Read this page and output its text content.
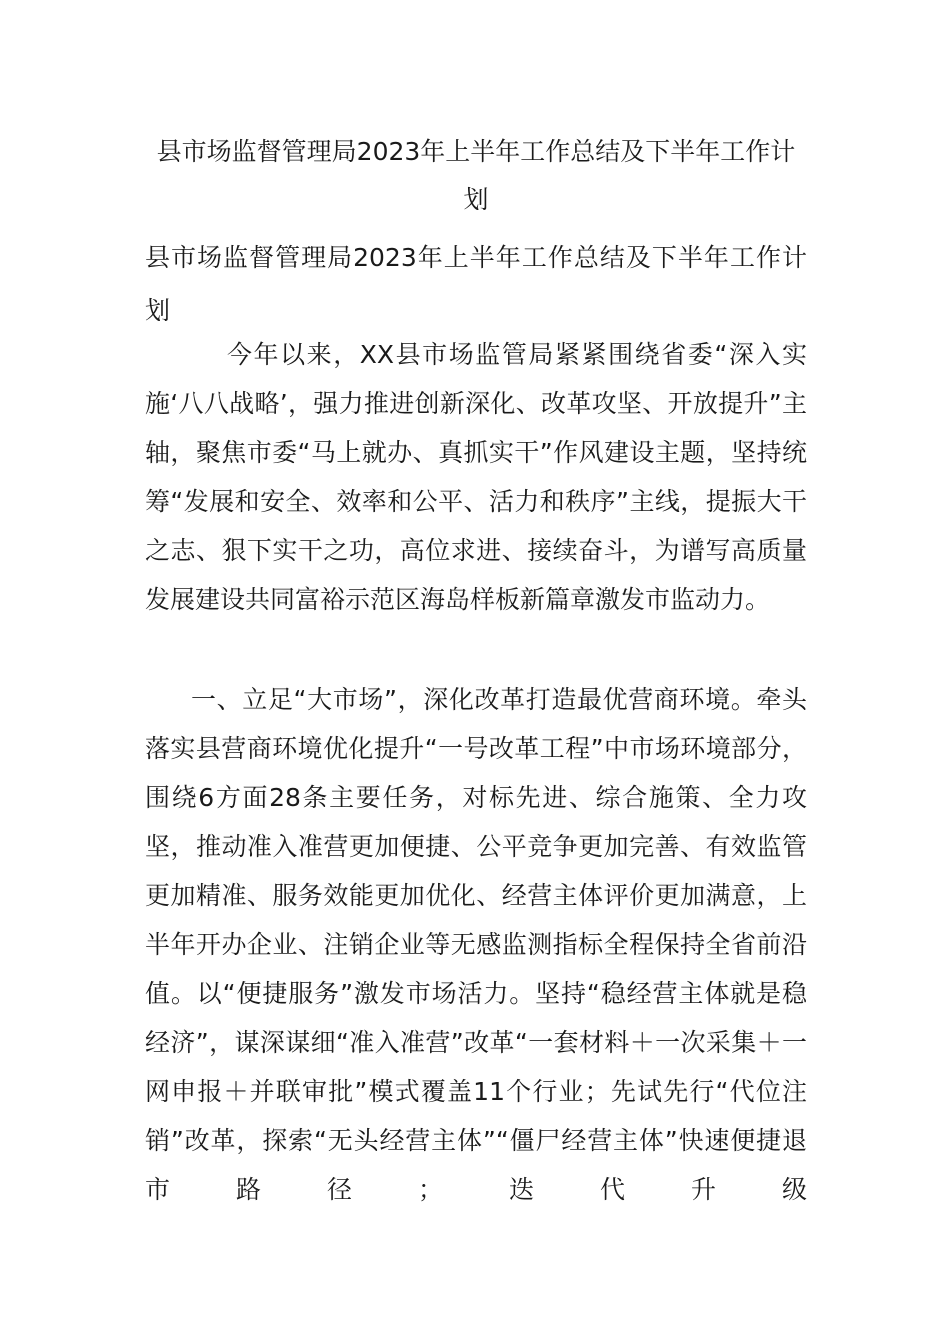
县市场监督管理局2023年上半年工作总结及下半年工作计划
县市场监督管理局2023年上半年工作总结及下半年工作计划

今年以来，XX县市场监管局紧紧围绕省委“深入实施‘八八战略’，强力推进创新深化、改革攻坚、开放提升”主轴，聚焦市委“马上就办、真抓实干”作风建设主题，坚持统筹“发展和安全、效率和公平、活力和秩序”主线，提振大干之志、狠下实干之功，高位求进、接续奋斗，为谱写高质量发展建设共同富裕示范区海岛样板新篇章激发市监动力。

一、立足“大市场”，深化改革打造最优营商环境。牵头落实县营商环境优化提升“一号改革工程”中市场环境部分，围绕6方面28条主要任务，对标先进、综合施策、全力攻坚，推动准入准营更加便捷、公平竞争更加完善、有效监管更加精准、服务效能更加优化、经营主体评价更加满意，上半年开办企业、注销企业等无感监测指标全程保持全省前沿值。以“便捷服务”激发市场活力。坚持“稳经营主体就是稳经济”，谋深谋细“准入准营”改革“一套材料＋一次采集＋一网申报＋并联审批”模式覆盖11个行业；先试先行“代位注销”改革，探索“无头经营主体”“僵尸经营主体”快速便捷退市路径；迭代升级
